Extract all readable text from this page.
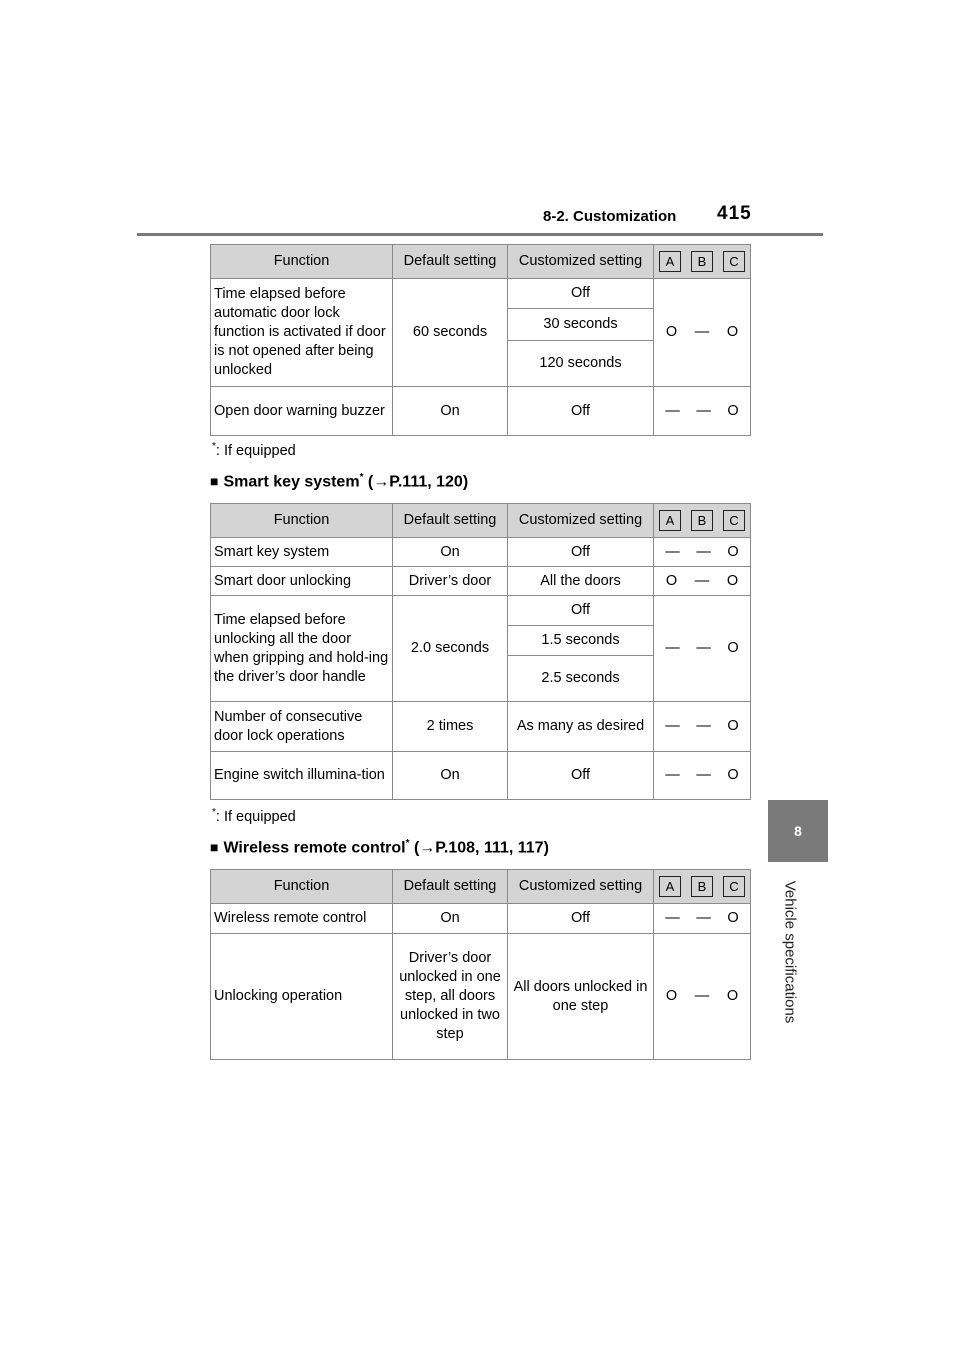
8-2. Customization 415
8
Vehicle specifications
Function	Default setting	Customized setting	A B C

Time elapsed before automatic door lock function is activated if door is not opened after being unlocked	60 seconds	Off	O — O

		30 seconds	
		120 seconds	
Open door warning buzzer	On	Off	— — O
*: If equipped
■ Smart key system* (→P.111, 120)
Function	Default setting	Customized setting	A B C

Smart key system	On	Off	— — O

Smart door unlocking	Driver’s door	All the doors	O — O

Time elapsed before unlocking all the door when gripping and hold-ing the driver’s door handle	2.0 seconds	Off	— — O

		1.5 seconds	
		2.5 seconds	
Number of consecutive door lock operations	2 times	As many as desired	— — O

Engine switch illumina-tion	On	Off	— — O
*: If equipped
■ Wireless remote control* (→P.108, 111, 117)
Function	Default setting	Customized setting	A B C

Wireless remote control	On	Off	— — O

Unlocking operation	Driver’s door unlocked in one step, all doors unlocked in two step	All doors unlocked in one step	O — O
